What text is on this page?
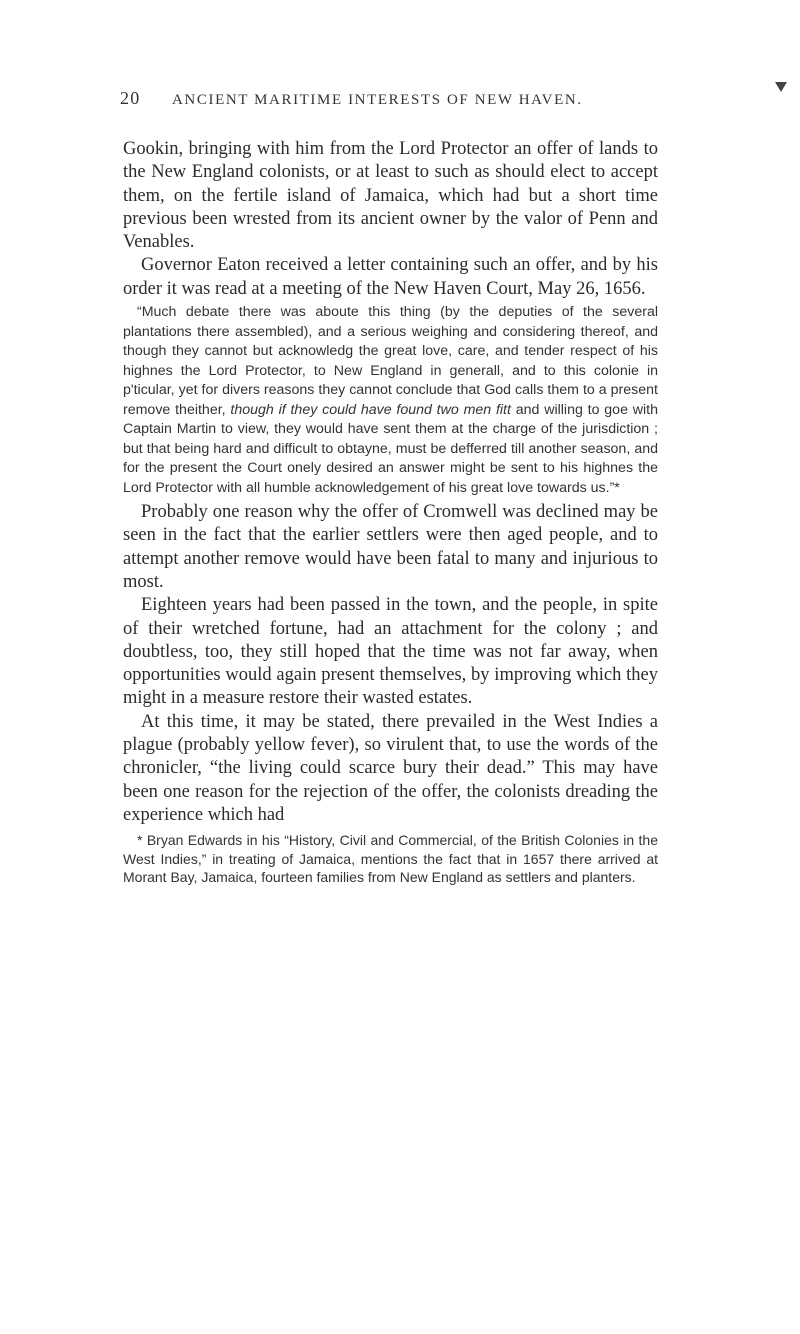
20	ANCIENT MARITIME INTERESTS OF NEW HAVEN.

Gookin, bringing with him from the Lord Protector an offer of lands to the New England colonists, or at least to such as should elect to accept them, on the fertile island of Jamaica, which had but a short time previous been wrested from its ancient owner by the valor of Penn and Venables.

Governor Eaton received a letter containing such an offer, and by his order it was read at a meeting of the New Haven Court, May 26, 1656.

“Much debate there was aboute this thing (by the deputies of the several plantations there assembled), and a serious weighing and considering thereof, and though they cannot but acknowledg the great love, care, and tender respect of his highnes the Lord Protector, to New England in generall, and to this colonie in p'ticular, yet for divers reasons they cannot conclude that God calls them to a present remove theither, though if they could have found two men fitt and willing to goe with Captain Martin to view, they would have sent them at the charge of the jurisdiction ; but that being hard and difficult to obtayne, must be defferred till another season, and for the present the Court onely desired an answer might be sent to his highnes the Lord Protector with all humble acknowledgement of his great love towards us.”*

Probably one reason why the offer of Cromwell was declined may be seen in the fact that the earlier settlers were then aged people, and to attempt another remove would have been fatal to many and injurious to most.

Eighteen years had been passed in the town, and the people, in spite of their wretched fortune, had an attachment for the colony ; and doubtless, too, they still hoped that the time was not far away, when opportunities would again present themselves, by improving which they might in a measure restore their wasted estates.

At this time, it may be stated, there prevailed in the West Indies a plague (probably yellow fever), so virulent that, to use the words of the chronicler, “the living could scarce bury their dead.” This may have been one reason for the rejection of the offer, the colonists dreading the experience which had

* Bryan Edwards in his “History, Civil and Commercial, of the British Colonies in the West Indies,” in treating of Jamaica, mentions the fact that in 1657 there arrived at Morant Bay, Jamaica, fourteen families from New England as settlers and planters.
